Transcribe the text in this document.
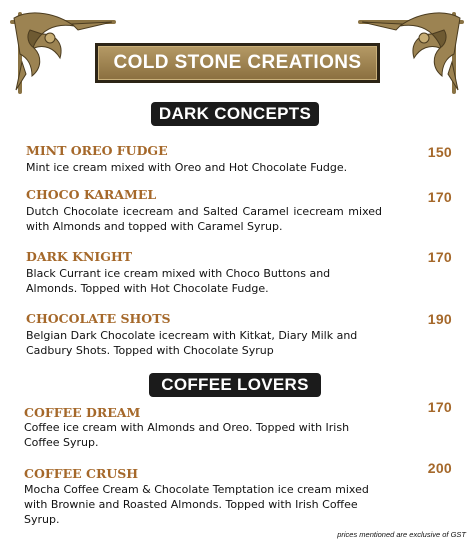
COLD STONE CREATIONS
DARK CONCEPTS
MINT OREO FUDGE	150
Mint ice cream mixed with Oreo and Hot Chocolate Fudge.
CHOCO KARAMEL	170
Dutch Chocolate icecream and Salted Caramel icecream mixed with Almonds and topped with Caramel Syrup.
DARK KNIGHT	170
Black Currant ice cream mixed with Choco Buttons and Almonds. Topped with Hot Chocolate Fudge.
CHOCOLATE SHOTS	190
Belgian Dark Chocolate icecream with Kitkat, Diary Milk and Cadbury Shots. Topped with Chocolate Syrup
COFFEE LOVERS
COFFEE DREAM	170
Coffee ice cream with Almonds and Oreo. Topped with Irish Coffee Syrup.
COFFEE CRUSH	200
Mocha Coffee Cream & Chocolate Temptation ice cream mixed with Brownie and Roasted Almonds. Topped with Irish Coffee Syrup.
prices mentioned are exclusive of GST
